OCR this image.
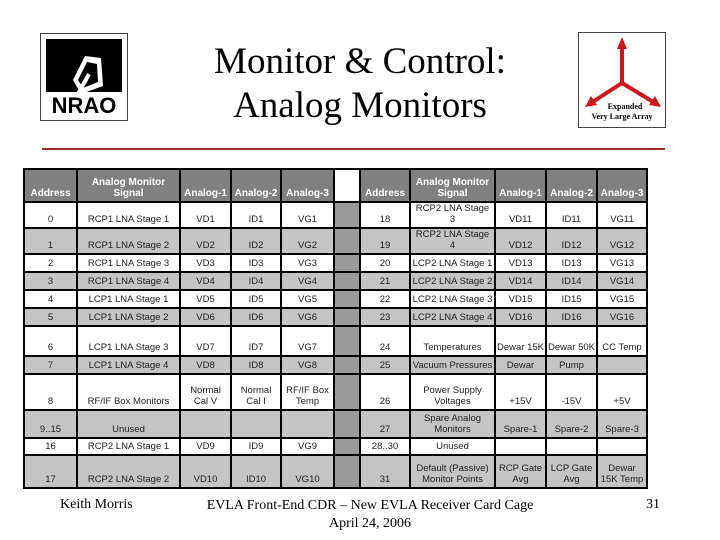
NRAO
Monitor & Control:
Analog Monitors	Expanded
Very Large Array
Address	Analog Monitor Signal	Analog-1	Analog-2	Analog-3		Address	Analog Monitor Signal	Analog-1	Analog-2	Analog-3
0	RCP1 LNA Stage 1	VD1	ID1	VG1		18	RCP2 LNA Stage 3	VD11	ID11	VG11
1	RCP1 LNA Stage 2	VD2	ID2	VG2		19	RCP2 LNA Stage 4	VD12	ID12	VG12
2	RCP1 LNA Stage 3	VD3	ID3	VG3		20	LCP2 LNA Stage 1	VD13	ID13	VG13
3	RCP1 LNA Stage 4	VD4	ID4	VG4		21	LCP2 LNA Stage 2	VD14	ID14	VG14
4	LCP1 LNA Stage 1	VD5	ID5	VG5		22	LCP2 LNA Stage 3	VD15	ID15	VG15
5	LCP1 LNA Stage 2	VD6	ID6	VG6		23	LCP2 LNA Stage 4	VD16	ID16	VG16
6	LCP1 LNA Stage 3	VD7	ID7	VG7		24	Temperatures	Dewar 15K	Dewar 50K	CC Temp
7	LCP1 LNA Stage 4	VD8	ID8	VG8		25	Vacuum Pressures	Dewar	Pump	
8	RF/IF Box Monitors	Normal Cal V	Normal Cal I	RF/IF Box Temp		26	Power Supply Voltages	+15V	-15V	+5V
9..15	Unused					27	Spare Analog Monitors	Spare-1	Spare-2	Spare-3
16	RCP2 LNA Stage 1	VD9	ID9	VG9		28..30	Unused			
17	RCP2 LNA Stage 2	VD10	ID10	VG10		31	Default (Passive) Monitor Points	RCP Gate Avg	LCP Gate Avg	Dewar 15K Temp
Keith Morris	EVLA Front-End CDR – New EVLA Receiver Card Cage
April 24, 2006
31
